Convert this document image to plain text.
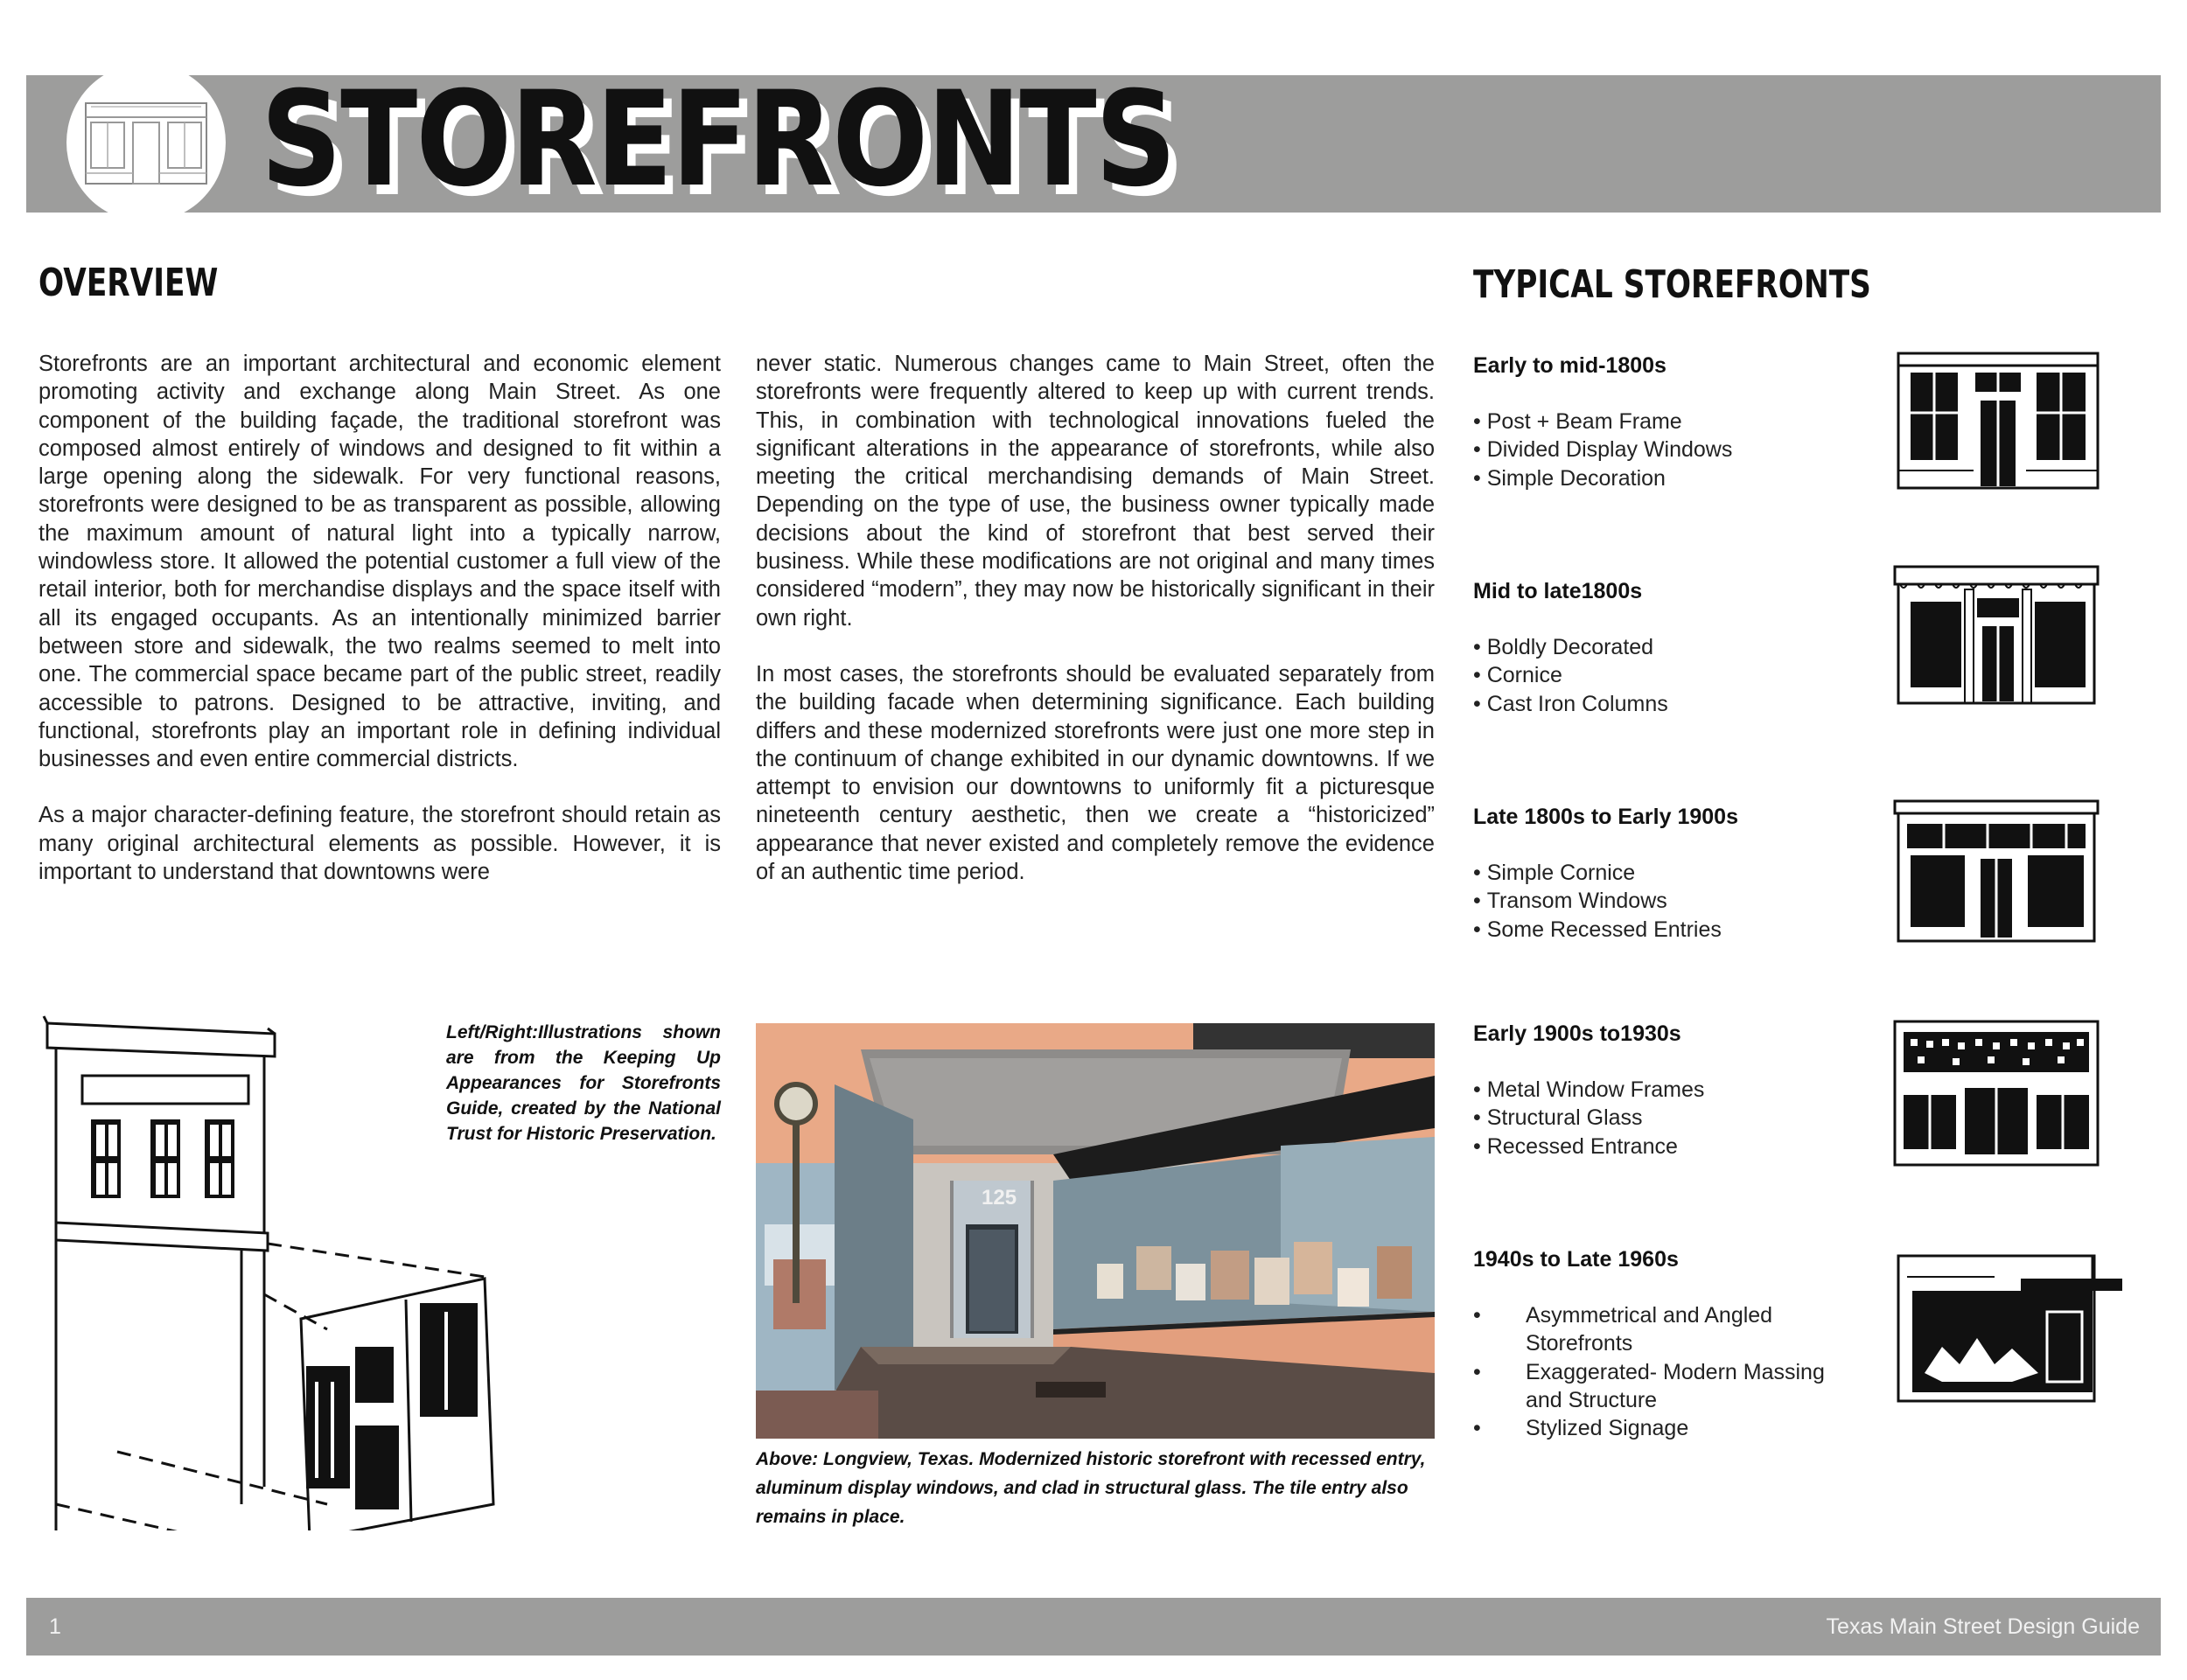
STOREFRONTS
OVERVIEW

Storefronts are an important architectural and economic element promoting activity and exchange along Main Street. As one component of the building façade, the traditional storefront was composed almost entirely of windows and designed to fit within a large opening along the sidewalk. For very functional reasons, storefronts were designed to be as transparent as possible, allowing the maximum amount of natural light into a typically narrow, windowless store. It allowed the potential customer a full view of the retail interior, both for merchandise displays and the space itself with all its engaged occupants. As an intentionally minimized barrier between store and sidewalk, the two realms seemed to melt into one. The commercial space became part of the public street, readily accessible to patrons. Designed to be attractive, inviting, and functional, storefronts play an important role in defining individual businesses and even entire commercial districts.

As a major character-defining feature, the storefront should retain as many original architectural elements as possible. However, it is important to understand that downtowns were

never static. Numerous changes came to Main Street, often the storefronts were frequently altered to keep up with current trends. This, in combination with technological innovations fueled the significant alterations in the appearance of storefronts, while also meeting the critical merchandising demands of Main Street. Depending on the type of use, the business owner typically made decisions about the kind of storefront that best served their business. While these modifications are not original and many times considered “modern”, they may now be historically significant in their own right.

In most cases, the storefronts should be evaluated separately from the building facade when determining significance. Each building differs and these modernized storefronts were just one more step in the continuum of change exhibited in our dynamic downtowns. If we attempt to envision our downtowns to uniformly fit a picturesque nineteenth century aesthetic, then we create a “historicized” appearance that never existed and completely remove the evidence of an authentic time period.

Left/Right:Illustrations shown are from the Keeping Up Appearances for Storefronts Guide, created by the National Trust for Historic Preservation.
125
Above: Longview, Texas. Modernized historic storefront with recessed entry, aluminum display windows, and clad in structural glass. The tile entry also remains in place.
TYPICAL STOREFRONTS
Early to mid-1800s
• Post + Beam Frame
• Divided Display Windows
• Simple Decoration
Mid to late1800s
• Boldly Decorated
• Cornice
• Cast Iron Columns
Late 1800s to Early 1900s
• Simple Cornice
• Transom Windows
• Some Recessed Entries
Early 1900s to1930s
• Metal Window Frames
• Structural Glass
• Recessed Entrance
1940s to Late 1960s
• Asymmetrical and Angled Storefronts
• Exaggerated- Modern Massing and Structure
• Stylized Signage
1	Texas Main Street Design Guide
